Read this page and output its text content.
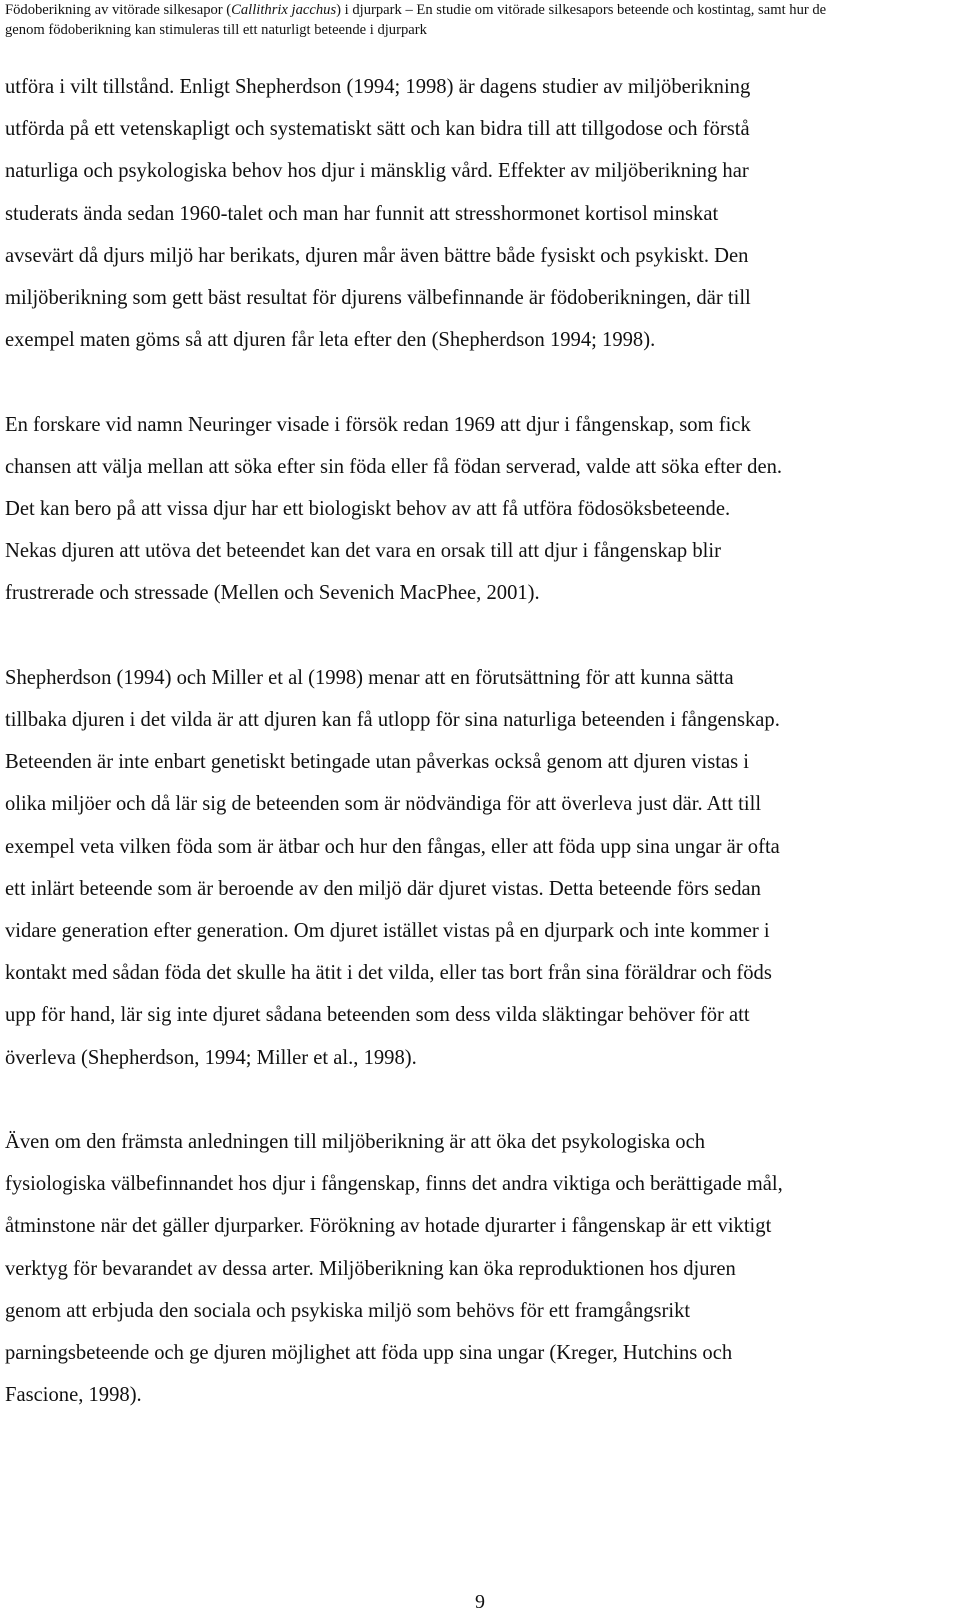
Födoberikning av vitörade silkesapor (Callithrix jacchus) i djurpark – En studie om vitörade silkesapors beteende och kostintag, samt hur de
genom födoberikning kan stimuleras till ett naturligt beteende i djurpark
utföra i vilt tillstånd. Enligt Shepherdson (1994; 1998) är dagens studier av miljöberikning
utförda på ett vetenskapligt och systematiskt sätt och kan bidra till att tillgodose och förstå
naturliga och psykologiska behov hos djur i mänsklig vård. Effekter av miljöberikning har
studerats ända sedan 1960-talet och man har funnit att stresshormonet kortisol minskat
avsevärt då djurs miljö har berikats, djuren mår även bättre både fysiskt och psykiskt. Den
miljöberikning som gett bäst resultat för djurens välbefinnande är födoberikningen, där till
exempel maten göms så att djuren får leta efter den (Shepherdson 1994; 1998).
En forskare vid namn Neuringer visade i försök redan 1969 att djur i fångenskap, som fick
chansen att välja mellan att söka efter sin föda eller få födan serverad, valde att söka efter den.
Det kan bero på att vissa djur har ett biologiskt behov av att få utföra födosöksbeteende.
Nekas djuren att utöva det beteendet kan det vara en orsak till att djur i fångenskap blir
frustrerade och stressade (Mellen och Sevenich MacPhee, 2001).
Shepherdson (1994) och Miller et al (1998) menar att en förutsättning för att kunna sätta
tillbaka djuren i det vilda är att djuren kan få utlopp för sina naturliga beteenden i fångenskap.
Beteenden är inte enbart genetiskt betingade utan påverkas också genom att djuren vistas i
olika miljöer och då lär sig de beteenden som är nödvändiga för att överleva just där. Att till
exempel veta vilken föda som är ätbar och hur den fångas, eller att föda upp sina ungar är ofta
ett inlärt beteende som är beroende av den miljö där djuret vistas. Detta beteende förs sedan
vidare generation efter generation. Om djuret istället vistas på en djurpark och inte kommer i
kontakt med sådan föda det skulle ha ätit i det vilda, eller tas bort från sina föräldrar och föds
upp för hand, lär sig inte djuret sådana beteenden som dess vilda släktingar behöver för att
överleva (Shepherdson, 1994; Miller et al., 1998).
Även om den främsta anledningen till miljöberikning är att öka det psykologiska och
fysiologiska välbefinnandet hos djur i fångenskap, finns det andra viktiga och berättigade mål,
åtminstone när det gäller djurparker. Förökning av hotade djurarter i fångenskap är ett viktigt
verktyg för bevarandet av dessa arter. Miljöberikning kan öka reproduktionen hos djuren
genom att erbjuda den sociala och psykiska miljö som behövs för ett framgångsrikt
parningsbeteende och ge djuren möjlighet att föda upp sina ungar (Kreger, Hutchins och
Fascione, 1998).
9
